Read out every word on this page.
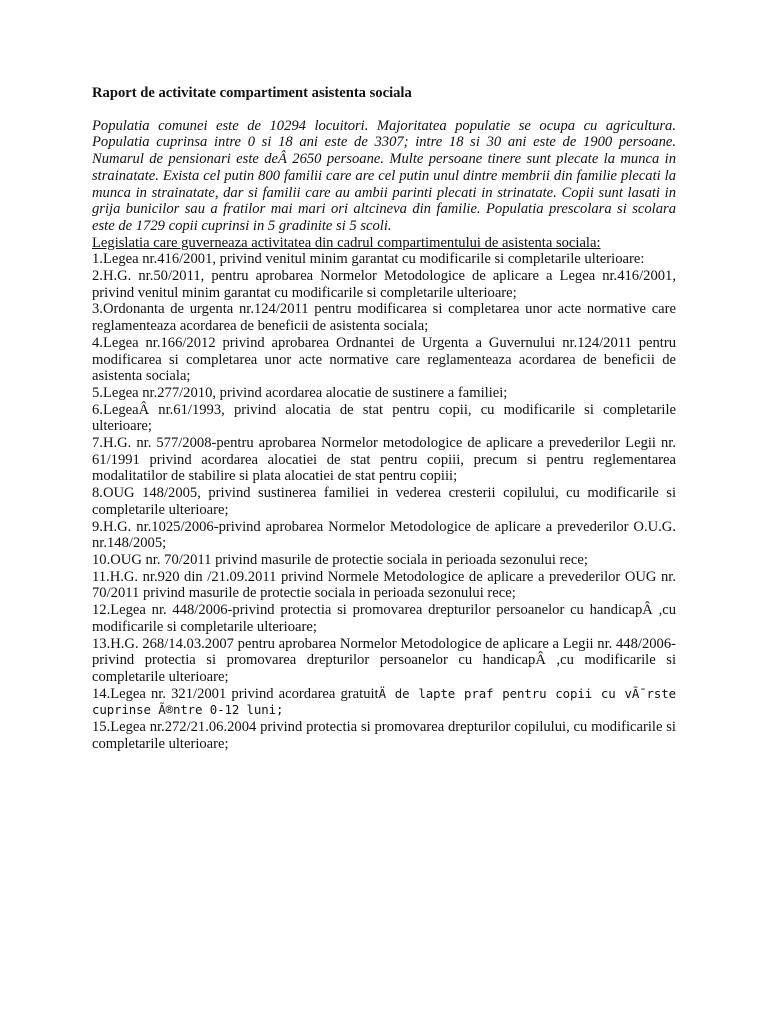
Raport de activitate compartiment asistenta sociala

Populatia comunei este de 10294 locuitori. Majoritatea populatie se ocupa cu agricultura. Populatia cuprinsa intre 0 si 18 ani este de 3307; intre 18 si 30 ani este de 1900 persoane. Numarul de pensionari este deÂ 2650 persoane. Multe persoane tinere sunt plecate la munca in strainatate. Exista cel putin 800 familii care are cel putin unul dintre membrii din familie plecati la munca in strainatate, dar si familii care au ambii parinti plecati in strinatate. Copii sunt lasati in grija bunicilor sau a fratilor mai mari ori altcineva din familie. Populatia prescolara si scolara este de 1729 copii cuprinsi in 5 gradinite si 5 scoli.

Legislatia care guverneaza activitatea din cadrul compartimentului de asistenta sociala:

1.Legea nr.416/2001, privind venitul minim garantat cu modificarile si completarile ulterioare:

2.H.G. nr.50/2011, pentru aprobarea Normelor Metodologice de aplicare a Legea nr.416/2001, privind venitul minim garantat cu modificarile si completarile ulterioare;

3.Ordonanta de urgenta nr.124/2011 pentru modificarea si completarea unor acte normative care reglamenteaza acordarea de beneficii de asistenta sociala;

4.Legea nr.166/2012 privind aprobarea Ordnantei de Urgenta a Guvernului nr.124/2011 pentru modificarea si completarea unor acte normative care reglamenteaza acordarea de beneficii de asistenta sociala;

5.Legea nr.277/2010, privind acordarea alocatie de sustinere a familiei;

6.LegeaÂ nr.61/1993, privind alocatia de stat pentru copii, cu modificarile si completarile ulterioare;

7.H.G. nr. 577/2008-pentru aprobarea Normelor metodologice de aplicare a prevederilor Legii nr. 61/1991 privind acordarea alocatiei de stat pentru copiii, precum si pentru reglementarea modalitatilor de stabilire si plata alocatiei de stat pentru copiii;

8.OUG 148/2005, privind sustinerea familiei in vederea cresterii copilului, cu modificarile si completarile ulterioare;

9.H.G. nr.1025/2006-privind aprobarea Normelor Metodologice de aplicare a prevederilor O.U.G. nr.148/2005;

10.OUG nr. 70/2011 privind masurile de protectie sociala in perioada sezonului rece;

11.H.G. nr.920 din /21.09.2011 privind Normele Metodologice de aplicare a prevederilor OUG nr. 70/2011 privind masurile de protectie sociala in perioada sezonului rece;

12.Legea nr. 448/2006-privind protectia si promovarea drepturilor persoanelor cu handicapÂ ,cu modificarile si completarile ulterioare;

13.H.G. 268/14.03.2007 pentru aprobarea Normelor Metodologice de aplicare a Legii nr. 448/2006-privind protectia si promovarea drepturilor persoanelor cu handicapÂ ,cu modificarile si completarile ulterioare;

14.Legea nr. 321/2001 privind acordarea gratuitÄ de lapte praf pentru copii cu vÃ¯rste cuprinse Ã®ntre 0-12 luni;

15.Legea nr.272/21.06.2004 privind protectia si promovarea drepturilor copilului, cu modificarile si completarile ulterioare;
